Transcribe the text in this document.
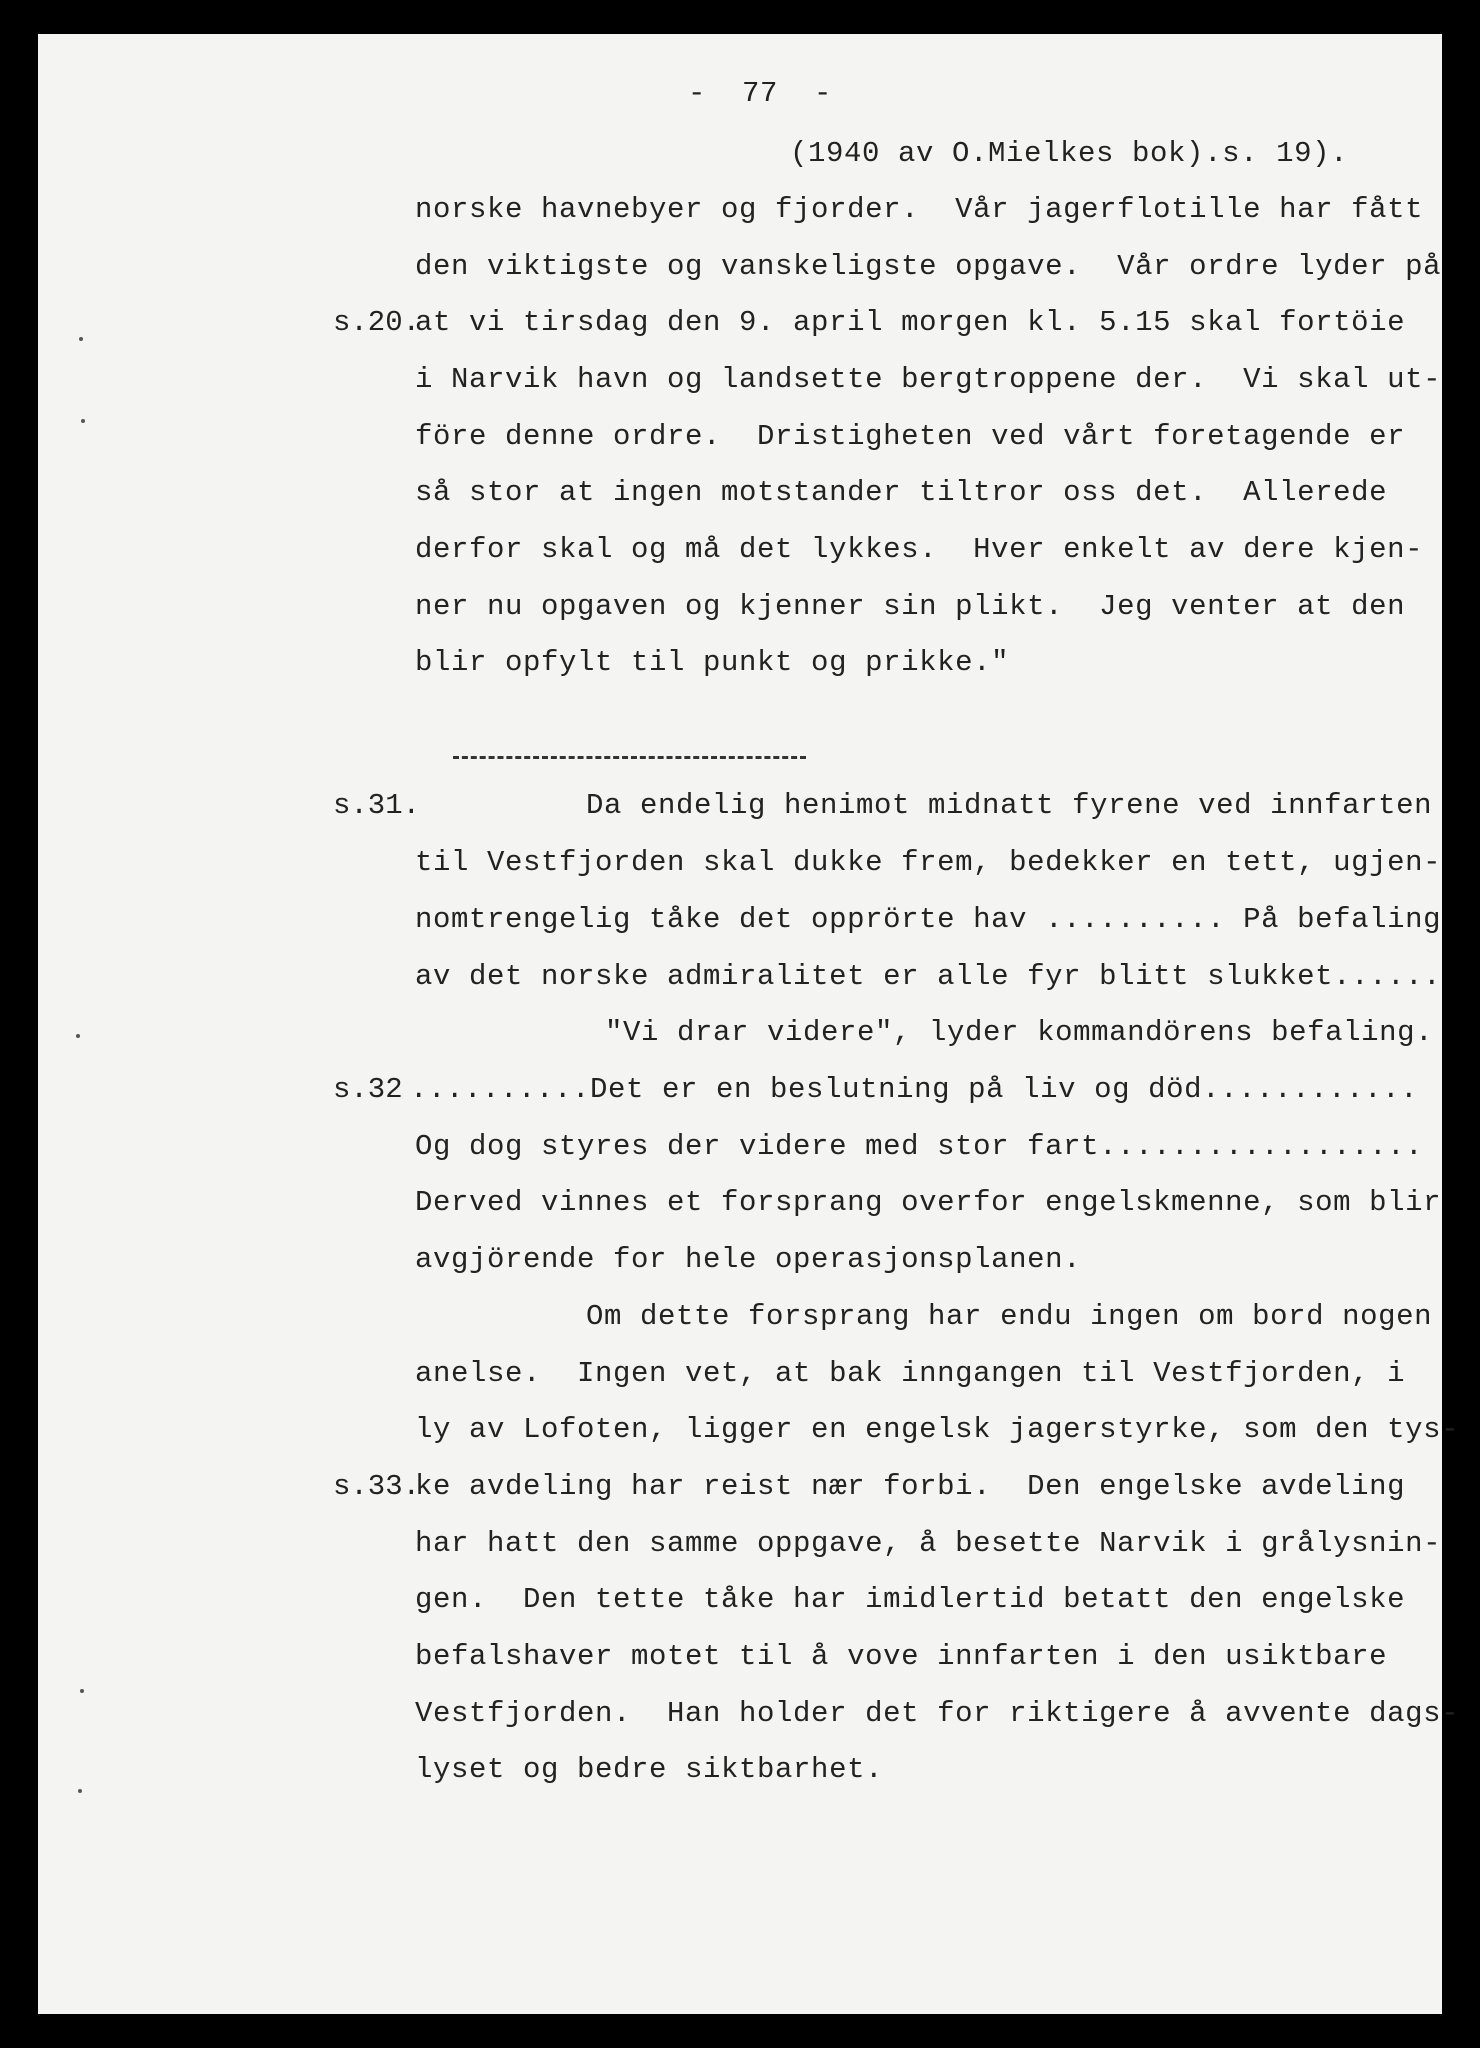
-  77  -
(1940 av O.Mielkes bok).s. 19).
norske havnebyer og fjorder.  Vår jagerflotille har fått
den viktigste og vanskeligste opgave.  Vår ordre lyder på
s.20.
at vi tirsdag den 9. april morgen kl. 5.15 skal fortöie
i Narvik havn og landsette bergtroppene der.  Vi skal ut-
före denne ordre.  Dristigheten ved vårt foretagende er
så stor at ingen motstander tiltror oss det.  Allerede
derfor skal og må det lykkes.  Hver enkelt av dere kjen-
ner nu opgaven og kjenner sin plikt.  Jeg venter at den
blir opfylt til punkt og prikke."
s.31.	Da endelig henimot midnatt fyrene ved innfarten
til Vestfjorden skal dukke frem, bedekker en tett, ugjen-
nomtrengelig tåke det opprörte hav .......... På befaling
av det norske admiralitet er alle fyr blitt slukket......
"Vi drar videre", lyder kommandörens befaling.
s.32 ..........Det er en beslutning på liv og död............
Og dog styres der videre med stor fart..................
Derved vinnes et forsprang overfor engelskmenne, som blir
avgjörende for hele operasjonsplanen.
Om dette forsprang har endu ingen om bord nogen
anelse.  Ingen vet, at bak inngangen til Vestfjorden, i
ly av Lofoten, ligger en engelsk jagerstyrke, som den tys-
s.33.
ke avdeling har reist nær forbi.  Den engelske avdeling
har hatt den samme oppgave, å besette Narvik i grålysnin-
gen.  Den tette tåke har imidlertid betatt den engelske
befalshaver motet til å vove innfarten i den usiktbare
Vestfjorden.  Han holder det for riktigere å avvente dags-
lyset og bedre siktbarhet.
